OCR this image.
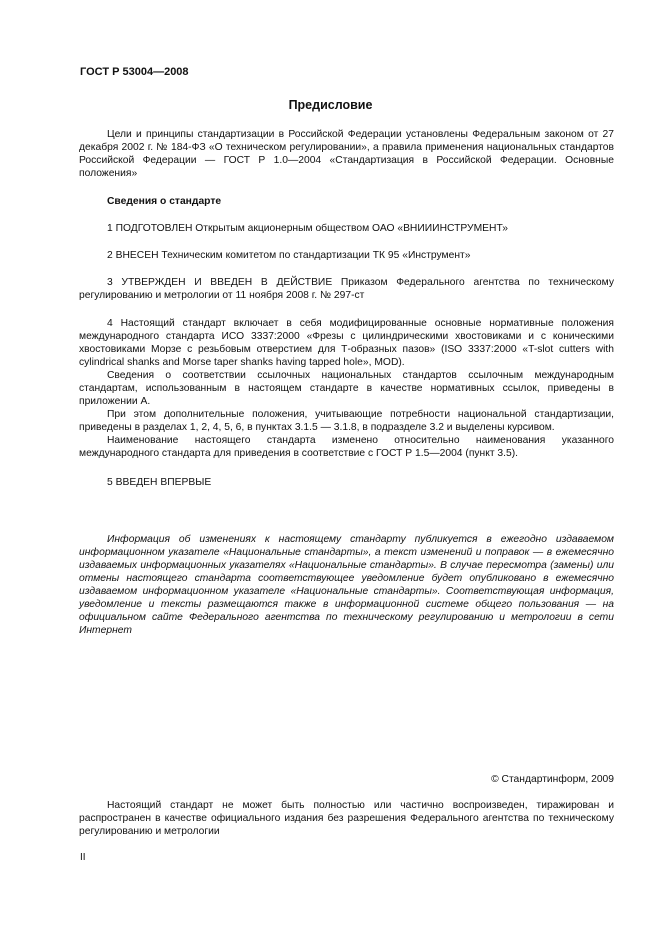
ГОСТ Р 53004—2008
Предисловие

Цели и принципы стандартизации в Российской Федерации установлены Федеральным законом от 27 декабря 2002 г. № 184-ФЗ «О техническом регулировании», а правила применения национальных стандартов Российской Федерации — ГОСТ Р 1.0—2004 «Стандартизация в Российской Федерации. Основные положения»

Сведения о стандарте
1 ПОДГОТОВЛЕН Открытым акционерным обществом ОАО «ВНИИИНСТРУМЕНТ»
2 ВНЕСЕН Техническим комитетом по стандартизации ТК 95 «Инструмент»

3 УТВЕРЖДЕН И ВВЕДЕН В ДЕЙСТВИЕ Приказом Федерального агентства по техническому регулированию и метрологии от 11 ноября 2008 г. № 297-ст

4 Настоящий стандарт включает в себя модифицированные основные нормативные положения международного стандарта ИСО 3337:2000 «Фрезы с цилиндрическими хвостовиками и с коническими хвостовиками Морзе с резьбовым отверстием для Т-образных пазов» (ISO 3337:2000 «T-slot cutters with cylindrical shanks and Morse taper shanks having tapped hole», MOD).

Сведения о соответствии ссылочных национальных стандартов ссылочным международным стандартам, использованным в настоящем стандарте в качестве нормативных ссылок, приведены в приложении А.

При этом дополнительные положения, учитывающие потребности национальной стандартизации, приведены в разделах 1, 2, 4, 5, 6, в пунктах 3.1.5 — 3.1.8, в подразделе 3.2 и выделены курсивом.

Наименование настоящего стандарта изменено относительно наименования указанного международного стандарта для приведения в соответствие с ГОСТ Р 1.5—2004 (пункт 3.5).

5 ВВЕДЕН ВПЕРВЫЕ

Информация об изменениях к настоящему стандарту публикуется в ежегодно издаваемом информационном указателе «Национальные стандарты», а текст изменений и поправок — в ежемесячно издаваемых информационных указателях «Национальные стандарты». В случае пересмотра (замены) или отмены настоящего стандарта соответствующее уведомление будет опубликовано в ежемесячно издаваемом информационном указателе «Национальные стандарты». Соответствующая информация, уведомление и тексты размещаются также в информационной системе общего пользования — на официальном сайте Федерального агентства по техническому регулированию и метрологии в сети Интернет

© Стандартинформ, 2009

Настоящий стандарт не может быть полностью или частично воспроизведен, тиражирован и распространен в качестве официального издания без разрешения Федерального агентства по техническому регулированию и метрологии

II
